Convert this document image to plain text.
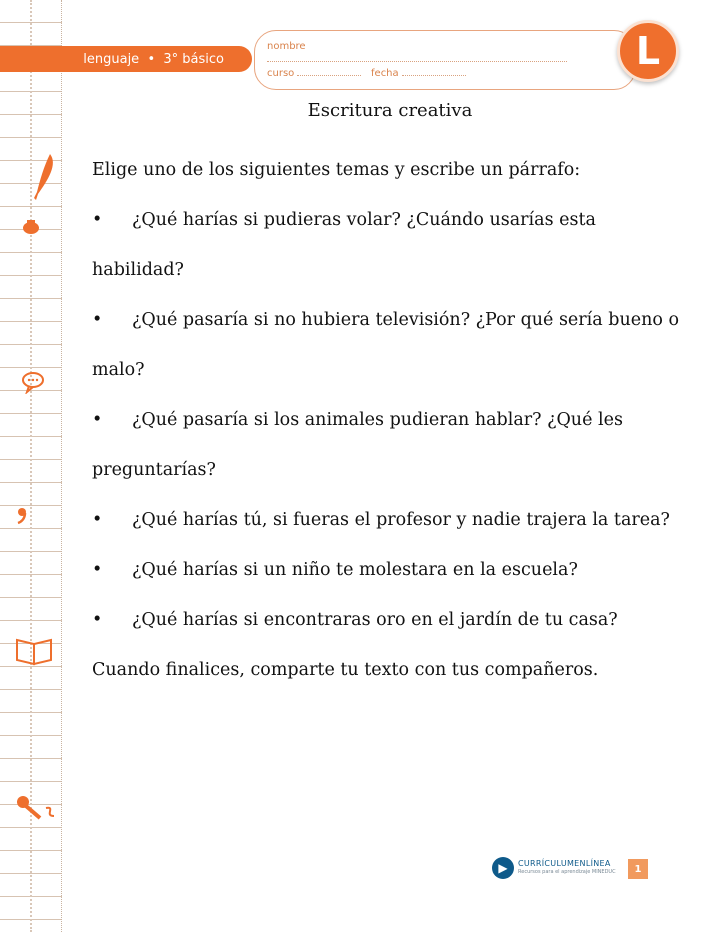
lenguaje  •  3° básico
nombre
curso	fecha
L
Escritura creativa

Elige uno de los siguientes temas y escribe un párrafo:

• ¿Qué harías si pudieras volar? ¿Cuándo usarías esta habilidad?

• ¿Qué pasaría si no hubiera televisión? ¿Por qué sería bueno o malo?

• ¿Qué pasaría si los animales pudieran hablar? ¿Qué les preguntarías?

• ¿Qué harías tú, si fueras el profesor y nadie trajera la tarea?

• ¿Qué harías si un niño te molestara en la escuela?

• ¿Qué harías si encontraras oro en el jardín de tu casa?

Cuando finalices, comparte tu texto con tus compañeros.

▶	CURRÍCULUMENLÍNEA
Recursos para el aprendizaje MINEDUC	1
